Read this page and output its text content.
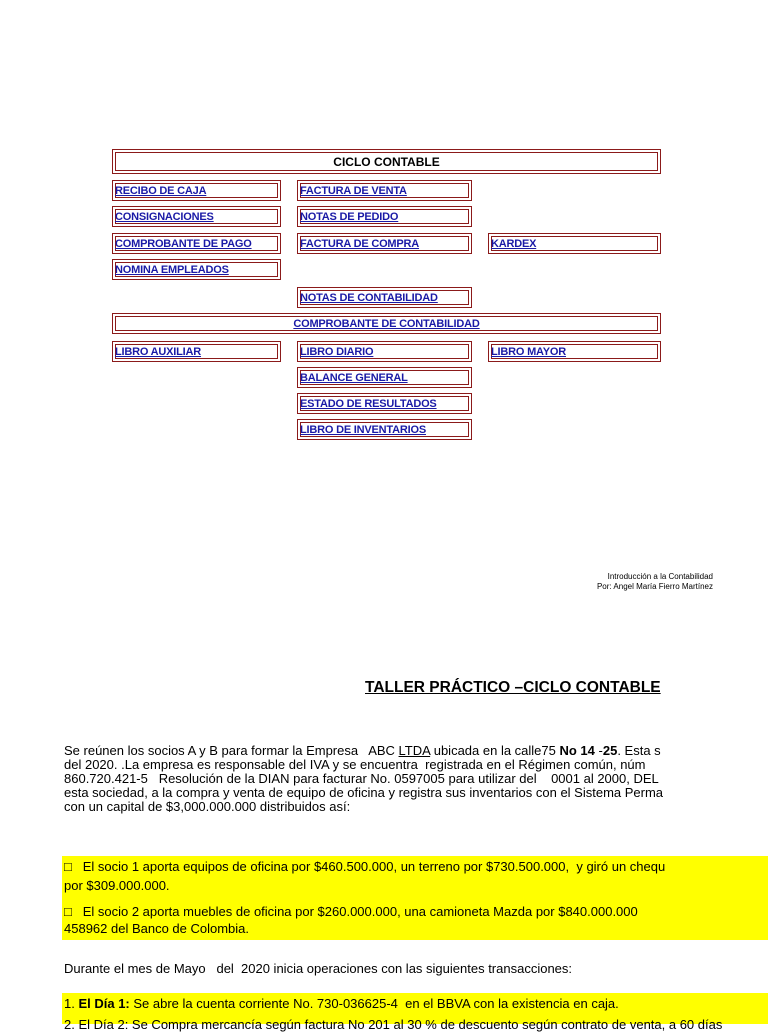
CICLO CONTABLE
RECIBO DE CAJA	FACTURA DE VENTA
CONSIGNACIONES	NOTAS DE PEDIDO
COMPROBANTE DE PAGO	FACTURA DE COMPRA	KARDEX
NOMINA EMPLEADOS
NOTAS DE CONTABILIDAD
COMPROBANTE DE CONTABILIDAD
LIBRO AUXILIAR	LIBRO DIARIO	LIBRO MAYOR
BALANCE GENERAL
ESTADO DE RESULTADOS
LIBRO DE INVENTARIOS
Introducción a la Contabilidad
Por: Angel María Fierro Martínez
TALLER PRÁCTICO –CICLO CONTABLE
Se reúnen los socios A y B para formar la Empresa   ABC LTDA ubicada en la calle75 No 14 -25. Esta s
del 2020. .La empresa es responsable del IVA y se encuentra  registrada en el Régimen común, núm
860.720.421-5   Resolución de la DIAN para facturar No. 0597005 para utilizar del    0001 al 2000, DEL
esta sociedad, a la compra y venta de equipo de oficina y registra sus inventarios con el Sistema Perma
con un capital de $3,000.000.000 distribuidos así:
□   El socio 1 aporta equipos de oficina por $460.500.000, un terreno por $730.500.000,  y giró un chequ
por $309.000.000.
□   El socio 2 aporta muebles de oficina por $260.000.000, una camioneta Mazda por $840.000.000
458962 del Banco de Colombia.
Durante el mes de Mayo   del  2020 inicia operaciones con las siguientes transacciones:
1. El Día 1: Se abre la cuenta corriente No. 730-036625-4  en el BBVA con la existencia en caja.
2. El Día 2: Se Compra mercancía según factura No 201 al 30 % de descuento según contrato de venta, a 60 días
